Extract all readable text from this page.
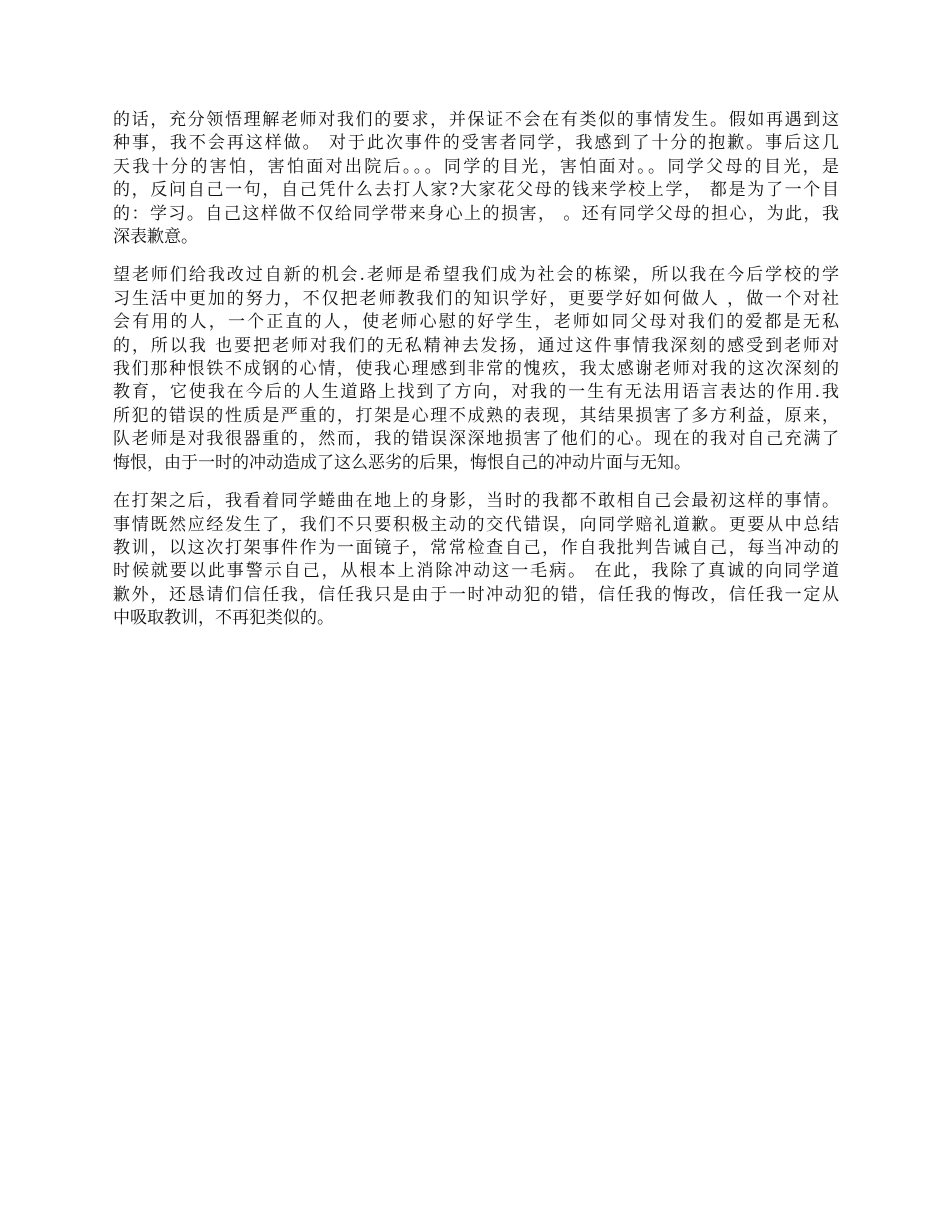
的话，充分领悟理解老师对我们的要求，并保证不会在有类似的事情发生。假如再遇到这
种事，我不会再这样做。 对于此次事件的受害者同学，我感到了十分的抱歉。事后这几
天我十分的害怕，害怕面对出院后。。。同学的目光，害怕面对。。同学父母的目光，是
的，反问自己一句，自己凭什么去打人家?大家花父母的钱来学校上学， 都是为了一个目
的：学习。自己这样做不仅给同学带来身心上的损害， 。还有同学父母的担心，为此，我
深表歉意。

望老师们给我改过自新的机会.老师是希望我们成为社会的栋梁，所以我在今后学校的学
习生活中更加的努力，不仅把老师教我们的知识学好，更要学好如何做人 ，做一个对社
会有用的人，一个正直的人，使老师心慰的好学生，老师如同父母对我们的爱都是无私
的，所以我 也要把老师对我们的无私精神去发扬，通过这件事情我深刻的感受到老师对
我们那种恨铁不成钢的心情，使我心理感到非常的愧疚，我太感谢老师对我的这次深刻的
教育，它使我在今后的人生道路上找到了方向，对我的一生有无法用语言表达的作用.我
所犯的错误的性质是严重的，打架是心理不成熟的表现，其结果损害了多方利益，原来，
队老师是对我很器重的，然而，我的错误深深地损害了他们的心。现在的我对自己充满了
悔恨，由于一时的冲动造成了这么恶劣的后果，悔恨自己的冲动片面与无知。

在打架之后，我看着同学蜷曲在地上的身影，当时的我都不敢相自己会最初这样的事情。
事情既然应经发生了，我们不只要积极主动的交代错误，向同学赔礼道歉。更要从中总结
教训，以这次打架事件作为一面镜子，常常检查自己，作自我批判告诫自己，每当冲动的
时候就要以此事警示自己，从根本上消除冲动这一毛病。 在此，我除了真诚的向同学道
歉外，还恳请们信任我，信任我只是由于一时冲动犯的错，信任我的悔改，信任我一定从
中吸取教训，不再犯类似的。
